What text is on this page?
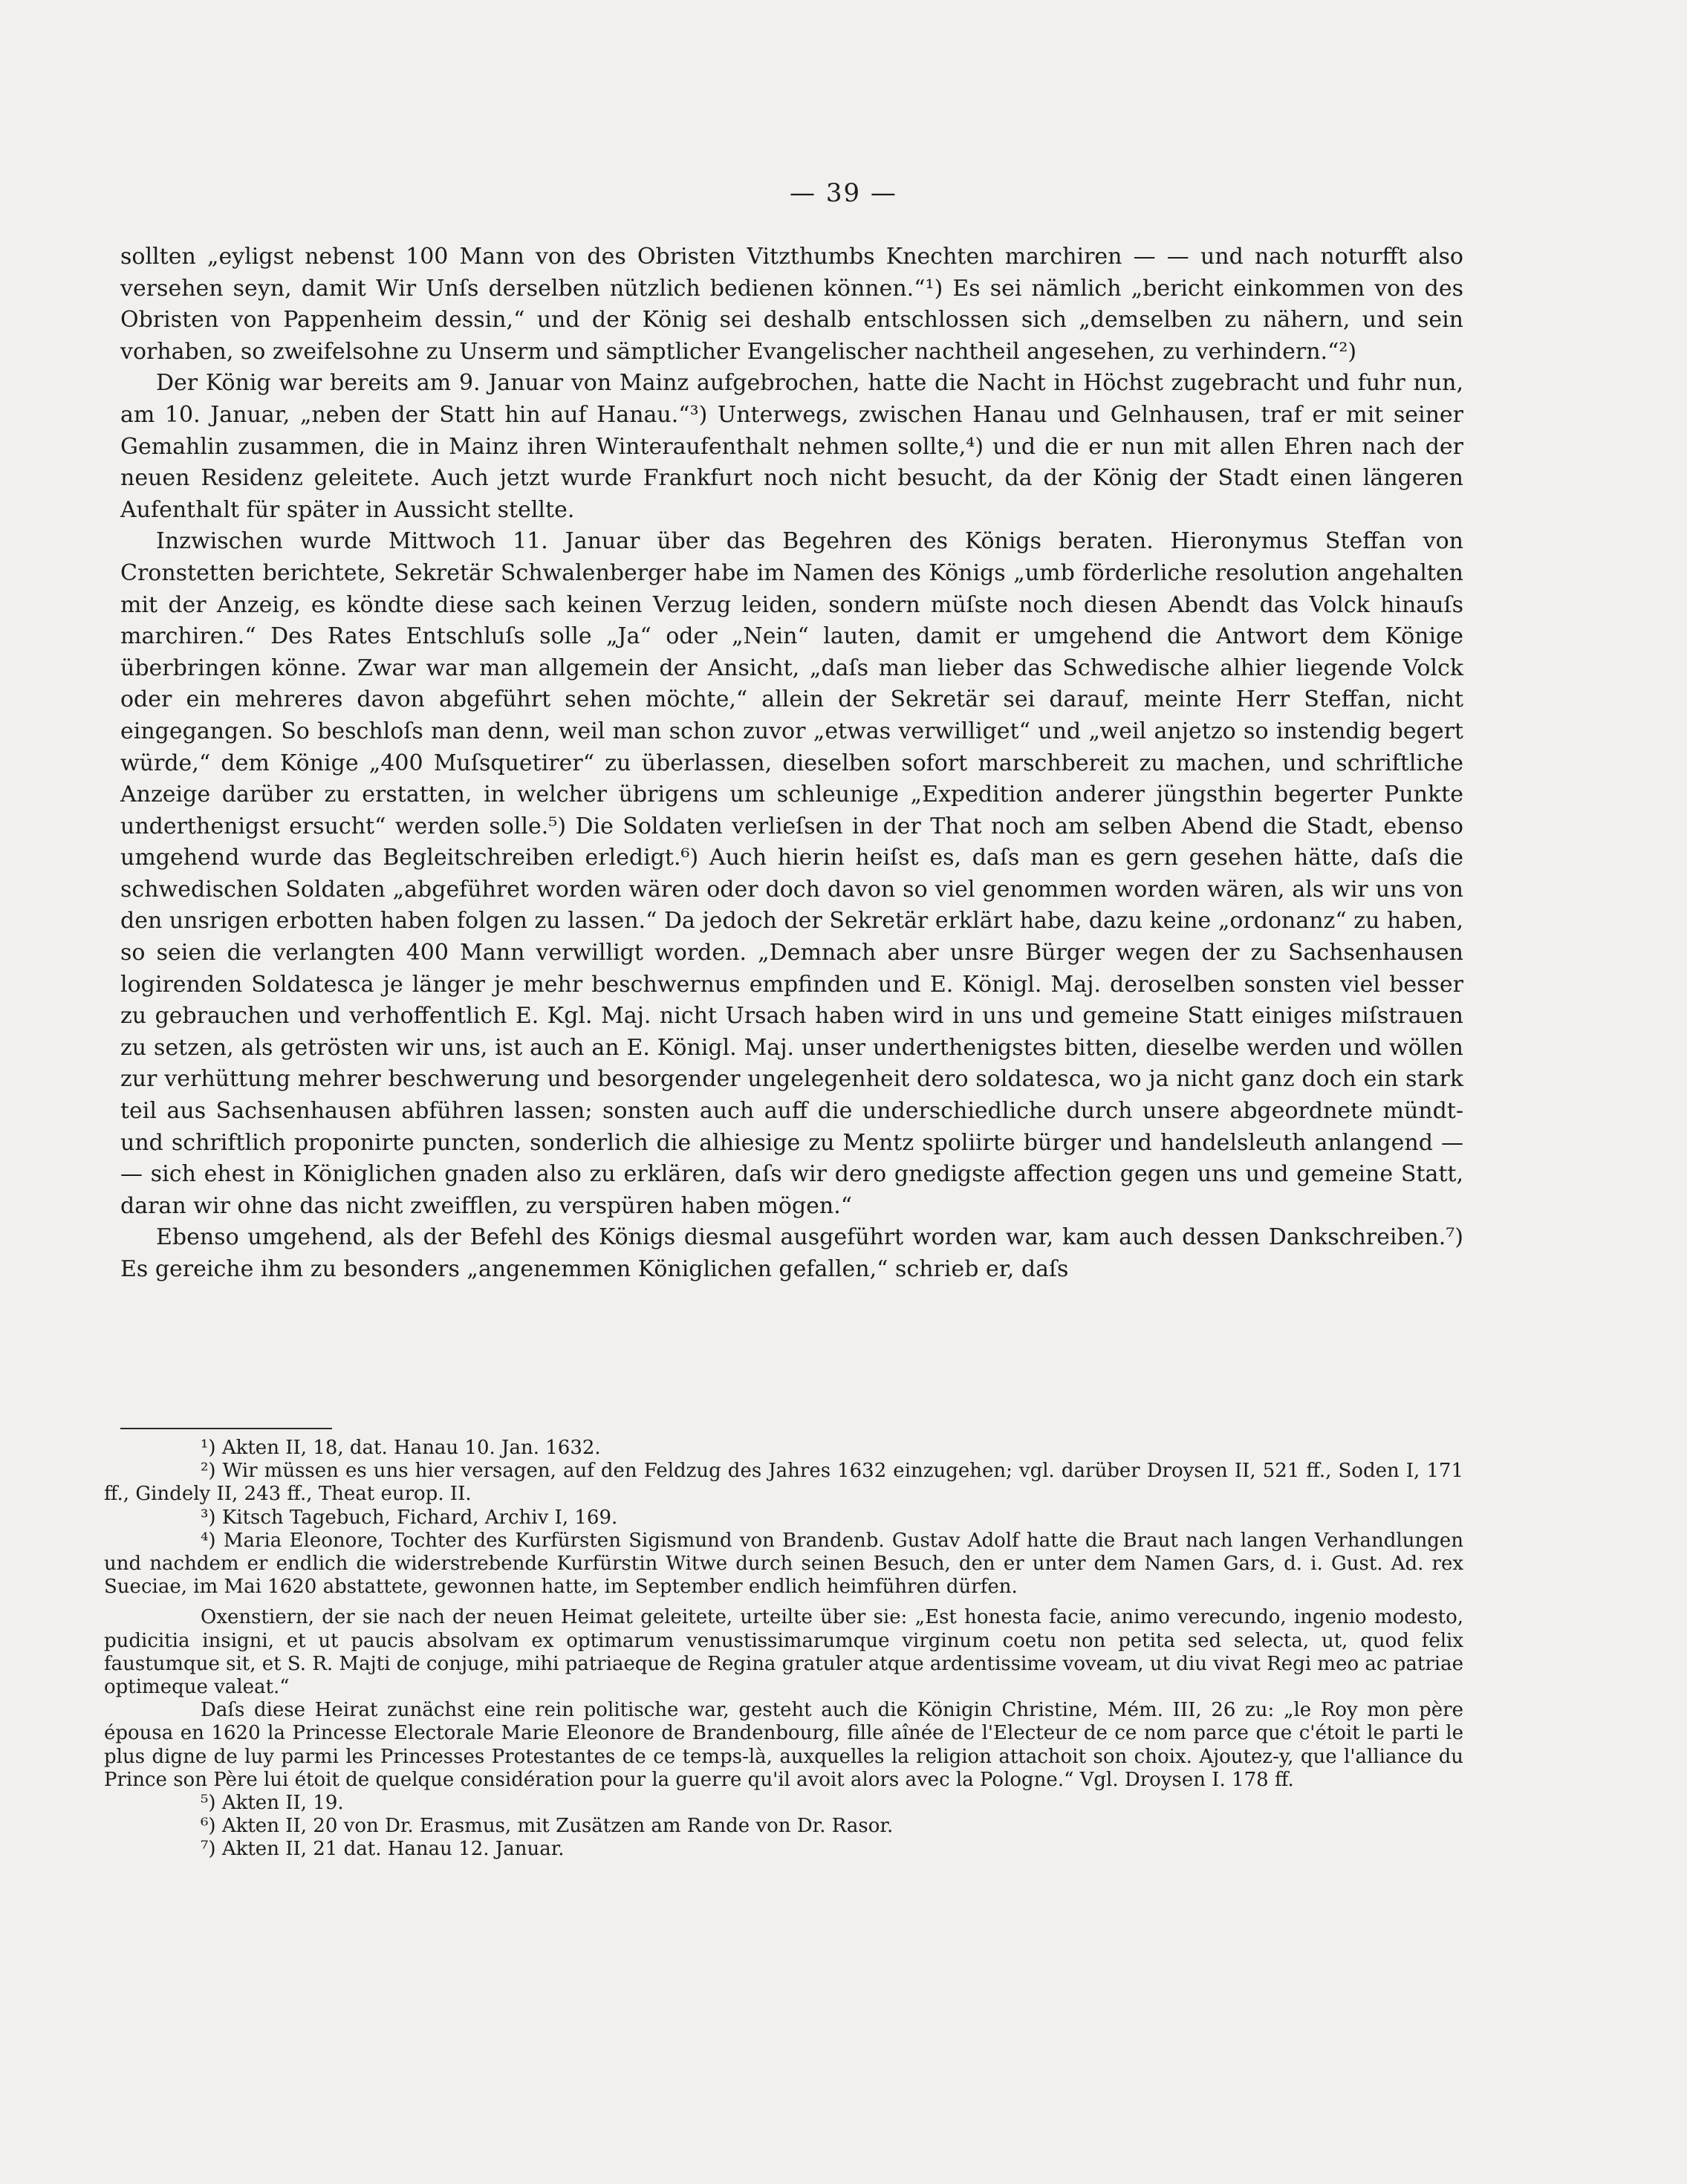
— 39 —

sollten „eyligst nebenst 100 Mann von des Obristen Vitzthumbs Knechten marchiren — — und nach noturfft also versehen seyn, damit Wir Unſs derselben nützlich bedienen können.“¹) Es sei nämlich „bericht einkommen von des Obristen von Pappenheim dessin,“ und der König sei deshalb entschlossen sich „demselben zu nähern, und sein vorhaben, so zweifelsohne zu Unserm und sämptlicher Evangelischer nachtheil angesehen, zu verhindern.“²)

Der König war bereits am 9. Januar von Mainz aufgebrochen, hatte die Nacht in Höchst zugebracht und fuhr nun, am 10. Januar, „neben der Statt hin auf Hanau.“³) Unterwegs, zwischen Hanau und Gelnhausen, traf er mit seiner Gemahlin zusammen, die in Mainz ihren Winteraufenthalt nehmen sollte,⁴) und die er nun mit allen Ehren nach der neuen Residenz geleitete. Auch jetzt wurde Frankfurt noch nicht besucht, da der König der Stadt einen längeren Aufenthalt für später in Aussicht stellte.

Inzwischen wurde Mittwoch 11. Januar über das Begehren des Königs beraten. Hieronymus Steffan von Cronstetten berichtete, Sekretär Schwalenberger habe im Namen des Königs „umb förderliche resolution angehalten mit der Anzeig, es köndte diese sach keinen Verzug leiden, sondern müſste noch diesen Abendt das Volck hinauſs marchiren.“ Des Rates Entschluſs solle „Ja“ oder „Nein“ lauten, damit er umgehend die Antwort dem Könige überbringen könne. Zwar war man allgemein der Ansicht, „daſs man lieber das Schwedische alhier liegende Volck oder ein mehreres davon abgeführt sehen möchte,“ allein der Sekretär sei darauf, meinte Herr Steffan, nicht eingegangen. So beschloſs man denn, weil man schon zuvor „etwas verwilliget“ und „weil anjetzo so instendig begert würde,“ dem Könige „400 Muſsquetirer“ zu überlassen, dieselben sofort marschbereit zu machen, und schriftliche Anzeige darüber zu erstatten, in welcher übrigens um schleunige „Expedition anderer jüngsthin begerter Punkte underthenigst ersucht“ werden solle.⁵) Die Soldaten verlieſsen in der That noch am selben Abend die Stadt, ebenso umgehend wurde das Begleitschreiben erledigt.⁶) Auch hierin heiſst es, daſs man es gern gesehen hätte, daſs die schwedischen Soldaten „abgeführet worden wären oder doch davon so viel genommen worden wären, als wir uns von den unsrigen erbotten haben folgen zu lassen.“ Da jedoch der Sekretär erklärt habe, dazu keine „ordonanz“ zu haben, so seien die verlangten 400 Mann verwilligt worden. „Demnach aber unsre Bürger wegen der zu Sachsenhausen logirenden Soldatesca je länger je mehr beschwernus empfinden und E. Königl. Maj. deroselben sonsten viel besser zu gebrauchen und verhoffentlich E. Kgl. Maj. nicht Ursach haben wird in uns und gemeine Statt einiges miſstrauen zu setzen, als getrösten wir uns, ist auch an E. Königl. Maj. unser underthenigstes bitten, dieselbe werden und wöllen zur verhüttung mehrer beschwerung und besorgender ungelegenheit dero soldatesca, wo ja nicht ganz doch ein stark teil aus Sachsenhausen abführen lassen; sonsten auch auff die underschiedliche durch unsere abgeordnete mündt- und schriftlich proponirte puncten, sonderlich die alhiesige zu Mentz spoliirte bürger und handelsleuth anlangend — — sich ehest in Königlichen gnaden also zu erklären, daſs wir dero gnedigste affection gegen uns und gemeine Statt, daran wir ohne das nicht zweifflen, zu verspüren haben mögen.“

Ebenso umgehend, als der Befehl des Königs diesmal ausgeführt worden war, kam auch dessen Dankschreiben.⁷) Es gereiche ihm zu besonders „angenemmen Königlichen gefallen,“ schrieb er, daſs

¹) Akten II, 18, dat. Hanau 10. Jan. 1632.

²) Wir müssen es uns hier versagen, auf den Feldzug des Jahres 1632 einzugehen; vgl. darüber Droysen II, 521 ff., Soden I, 171 ff., Gindely II, 243 ff., Theat europ. II.

³) Kitsch Tagebuch, Fichard, Archiv I, 169.

⁴) Maria Eleonore, Tochter des Kurfürsten Sigismund von Brandenb. Gustav Adolf hatte die Braut nach langen Verhandlungen und nachdem er endlich die widerstrebende Kurfürstin Witwe durch seinen Besuch, den er unter dem Namen Gars, d. i. Gust. Ad. rex Sueciae, im Mai 1620 abstattete, gewonnen hatte, im September endlich heimführen dürfen.

Oxenstiern, der sie nach der neuen Heimat geleitete, urteilte über sie: „Est honesta facie, animo verecundo, ingenio modesto, pudicitia insigni, et ut paucis absolvam ex optimarum venustissimarumque virginum coetu non petita sed selecta, ut, quod felix faustumque sit, et S. R. Majti de conjuge, mihi patriaeque de Regina gratuler atque ardentissime voveam, ut diu vivat Regi meo ac patriae optimeque valeat.“

Daſs diese Heirat zunächst eine rein politische war, gesteht auch die Königin Christine, Mém. III, 26 zu: „le Roy mon père épousa en 1620 la Princesse Electorale Marie Eleonore de Brandenbourg, fille aînée de l'Electeur de ce nom parce que c'étoit le parti le plus digne de luy parmi les Princesses Protestantes de ce temps-là, auxquelles la religion attachoit son choix. Ajoutez-y, que l'alliance du Prince son Père lui étoit de quelque considération pour la guerre qu'il avoit alors avec la Pologne.“ Vgl. Droysen I. 178 ff.

⁵) Akten II, 19.

⁶) Akten II, 20 von Dr. Erasmus, mit Zusätzen am Rande von Dr. Rasor.

⁷) Akten II, 21 dat. Hanau 12. Januar.
